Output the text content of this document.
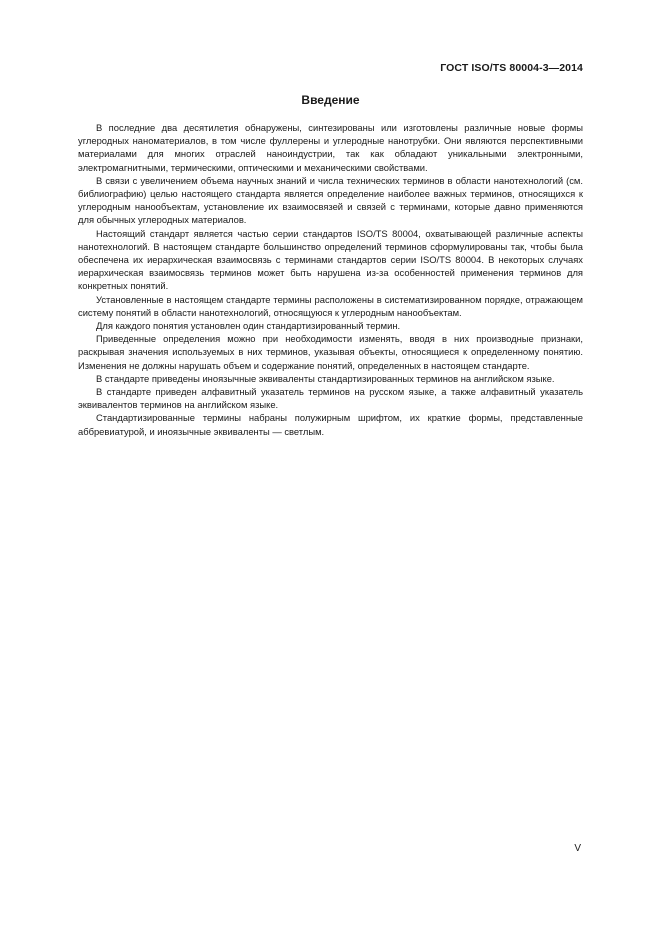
ГОСТ ISO/TS 80004-3—2014
Введение

В последние два десятилетия обнаружены, синтезированы или изготовлены различные новые формы углеродных наноматериалов, в том числе фуллерены и углеродные нанотрубки. Они являются перспективными материалами для многих отраслей наноиндустрии, так как обладают уникальными электронными, электромагнитными, термическими, оптическими и механическими свойствами.

В связи с увеличением объема научных знаний и числа технических терминов в области нанотехнологий (см. библиографию) целью настоящего стандарта является определение наиболее важных терминов, относящихся к углеродным нанообъектам, установление их взаимосвязей и связей с терминами, которые давно применяются для обычных углеродных материалов.

Настоящий стандарт является частью серии стандартов ISO/TS 80004, охватывающей различные аспекты нанотехнологий. В настоящем стандарте большинство определений терминов сформулированы так, чтобы была обеспечена их иерархическая взаимосвязь с терминами стандартов серии ISO/TS 80004. В некоторых случаях иерархическая взаимосвязь терминов может быть нарушена из-за особенностей применения терминов для конкретных понятий.

Установленные в настоящем стандарте термины расположены в систематизированном порядке, отражающем систему понятий в области нанотехнологий, относящуюся к углеродным нанообъектам.

Для каждого понятия установлен один стандартизированный термин.

Приведенные определения можно при необходимости изменять, вводя в них производные признаки, раскрывая значения используемых в них терминов, указывая объекты, относящиеся к определенному понятию. Изменения не должны нарушать объем и содержание понятий, определенных в настоящем стандарте.

В стандарте приведены иноязычные эквиваленты стандартизированных терминов на английском языке.

В стандарте приведен алфавитный указатель терминов на русском языке, а также алфавитный указатель эквивалентов терминов на английском языке.

Стандартизированные термины набраны полужирным шрифтом, их краткие формы, представленные аббревиатурой, и иноязычные эквиваленты — светлым.

V
